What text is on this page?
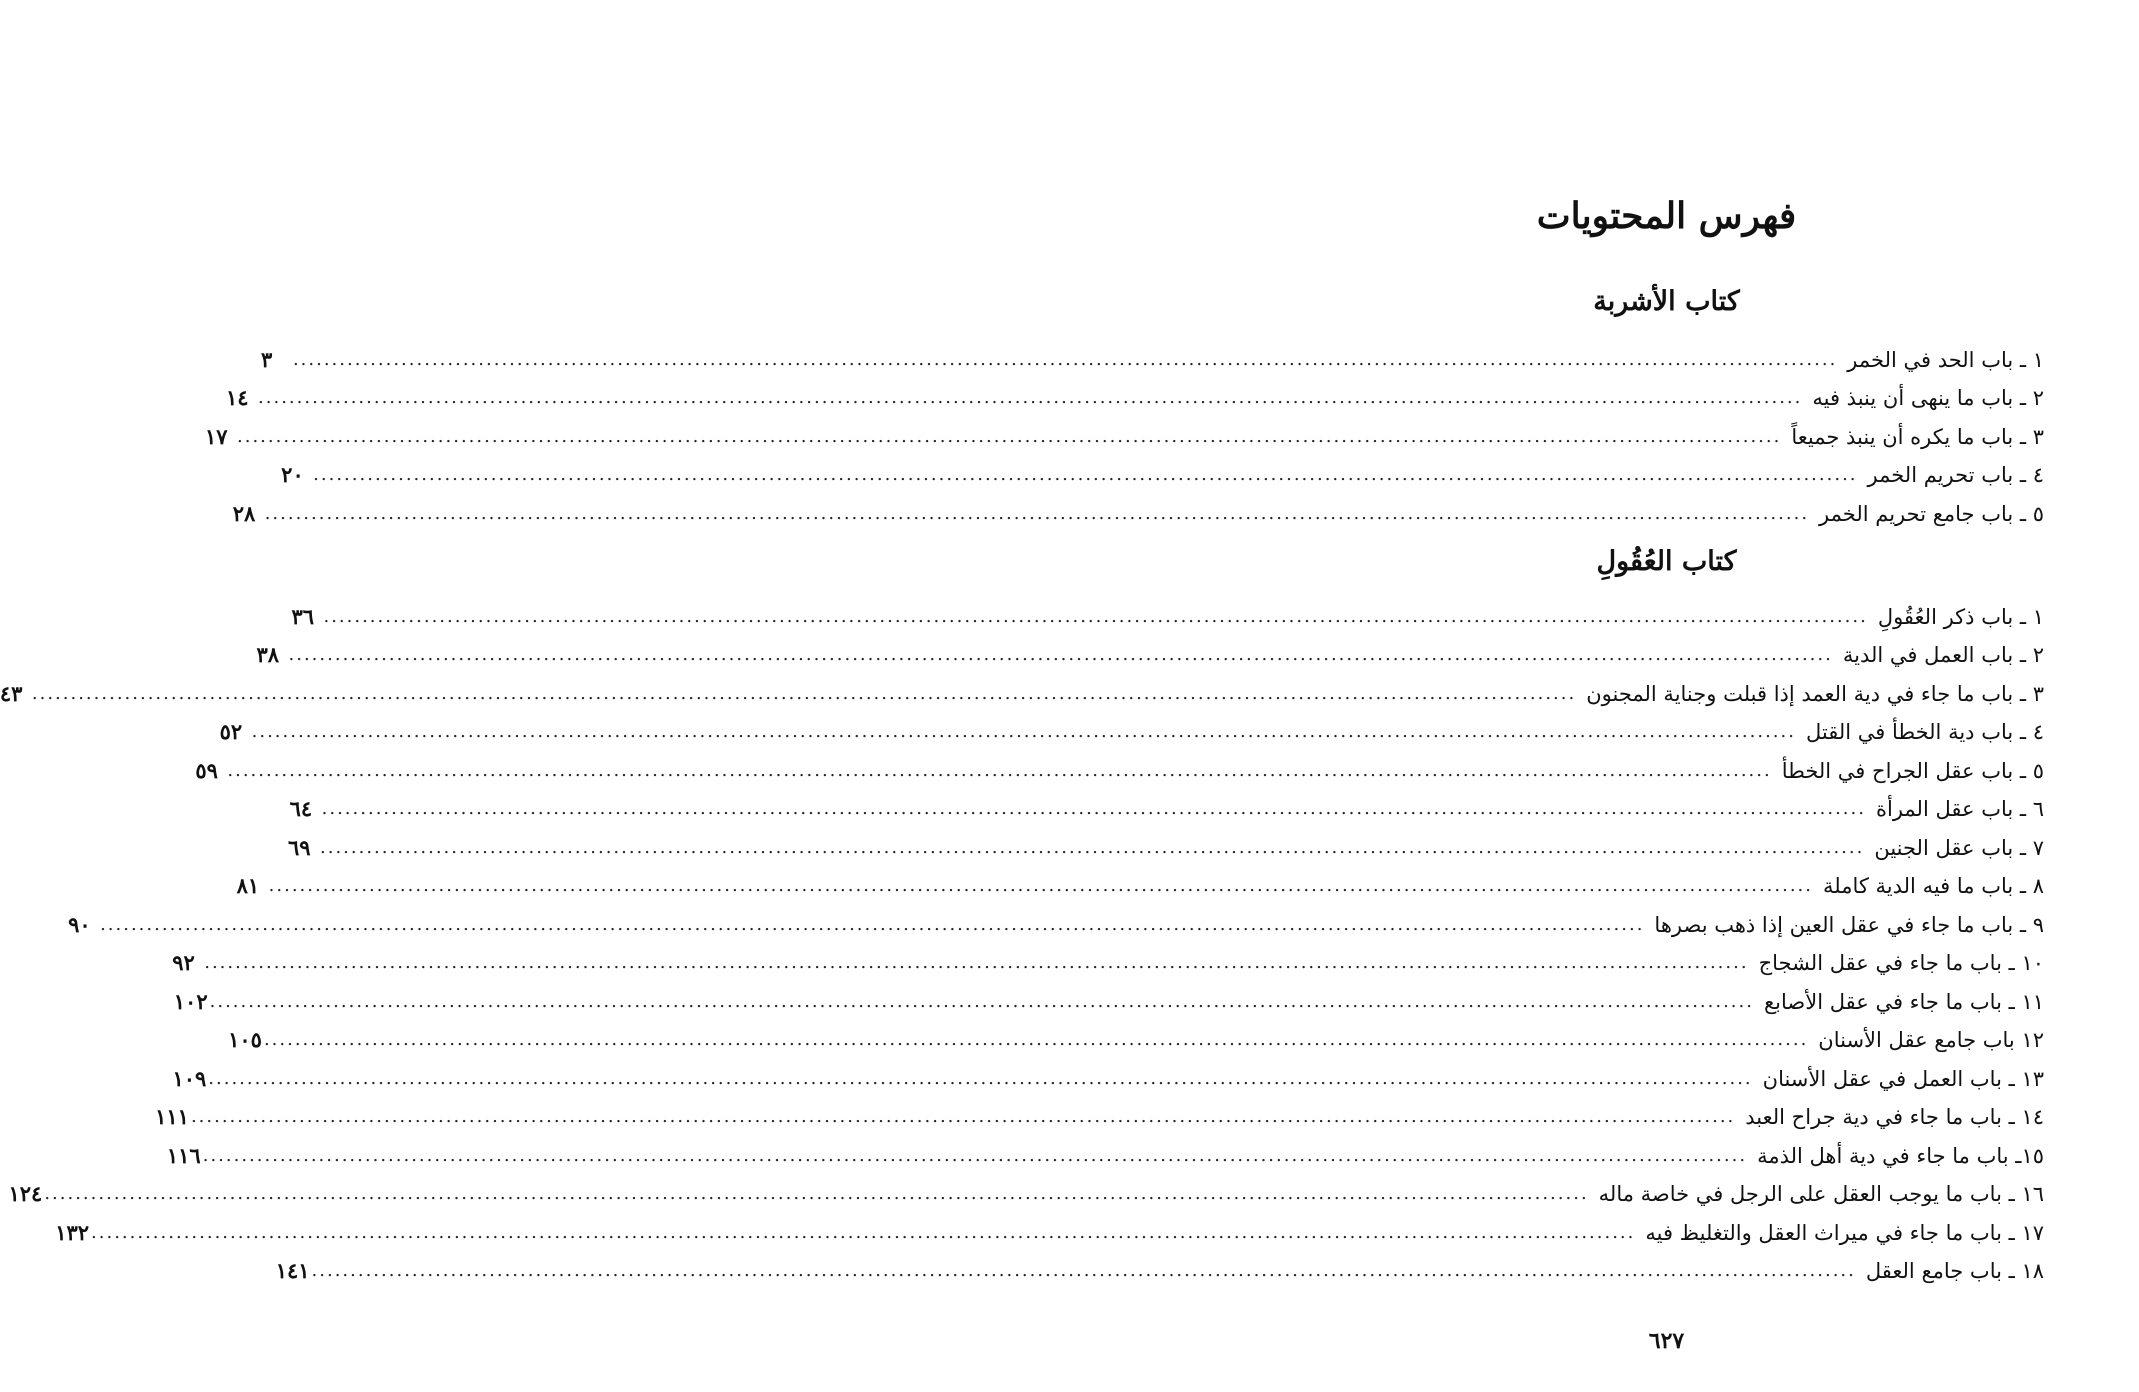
فهرس المحتويات
كتاب الأشربة
١ ـ باب الحد في الخمر
........................................................................................................................................................................................................
٣
٢ ـ باب ما ينهى أن ينبذ فيه
........................................................................................................................................................................................................
١٤
٣ ـ باب ما يكره أن ينبذ جميعاً
........................................................................................................................................................................................................
١٧
٤ ـ باب تحريم الخمر
........................................................................................................................................................................................................
٢٠
٥ ـ باب جامع تحريم الخمر
........................................................................................................................................................................................................
٢٨
كتاب العُقُولِ
١ ـ باب ذكر العُقُولِ
........................................................................................................................................................................................................
٣٦
٢ ـ باب العمل في الدية
........................................................................................................................................................................................................
٣٨
٣ ـ باب ما جاء في دية العمد إذا قبلت وجناية المجنون
........................................................................................................................................................................................................
٤٣
٤ ـ باب دية الخطأ في القتل
........................................................................................................................................................................................................
٥٢
٥ ـ باب عقل الجراح في الخطأ
........................................................................................................................................................................................................
٥٩
٦ ـ باب عقل المرأة
........................................................................................................................................................................................................
٦٤
٧ ـ باب عقل الجنين
........................................................................................................................................................................................................
٦٩
٨ ـ باب ما فيه الدية كاملة
........................................................................................................................................................................................................
٨١
٩ ـ باب ما جاء في عقل العين إذا ذهب بصرها
........................................................................................................................................................................................................
٩٠
١٠ ـ باب ما جاء في عقل الشجاج
........................................................................................................................................................................................................
٩٢
١١ ـ باب ما جاء في عقل الأصابع
........................................................................................................................................................................................................
١٠٢
١٢ باب جامع عقل الأسنان
........................................................................................................................................................................................................
١٠٥
١٣ ـ باب العمل في عقل الأسنان
........................................................................................................................................................................................................
١٠٩
١٤ ـ باب ما جاء في دية جراح العبد
........................................................................................................................................................................................................
١١١
١٥ـ باب ما جاء في دية أهل الذمة
........................................................................................................................................................................................................
١١٦
١٦ ـ باب ما يوجب العقل على الرجل في خاصة ماله
........................................................................................................................................................................................................
١٢٤
١٧ ـ باب ما جاء في ميراث العقل والتغليظ فيه
........................................................................................................................................................................................................
١٣٢
١٨ ـ باب جامع العقل
........................................................................................................................................................................................................
١٤١
٦٢٧
